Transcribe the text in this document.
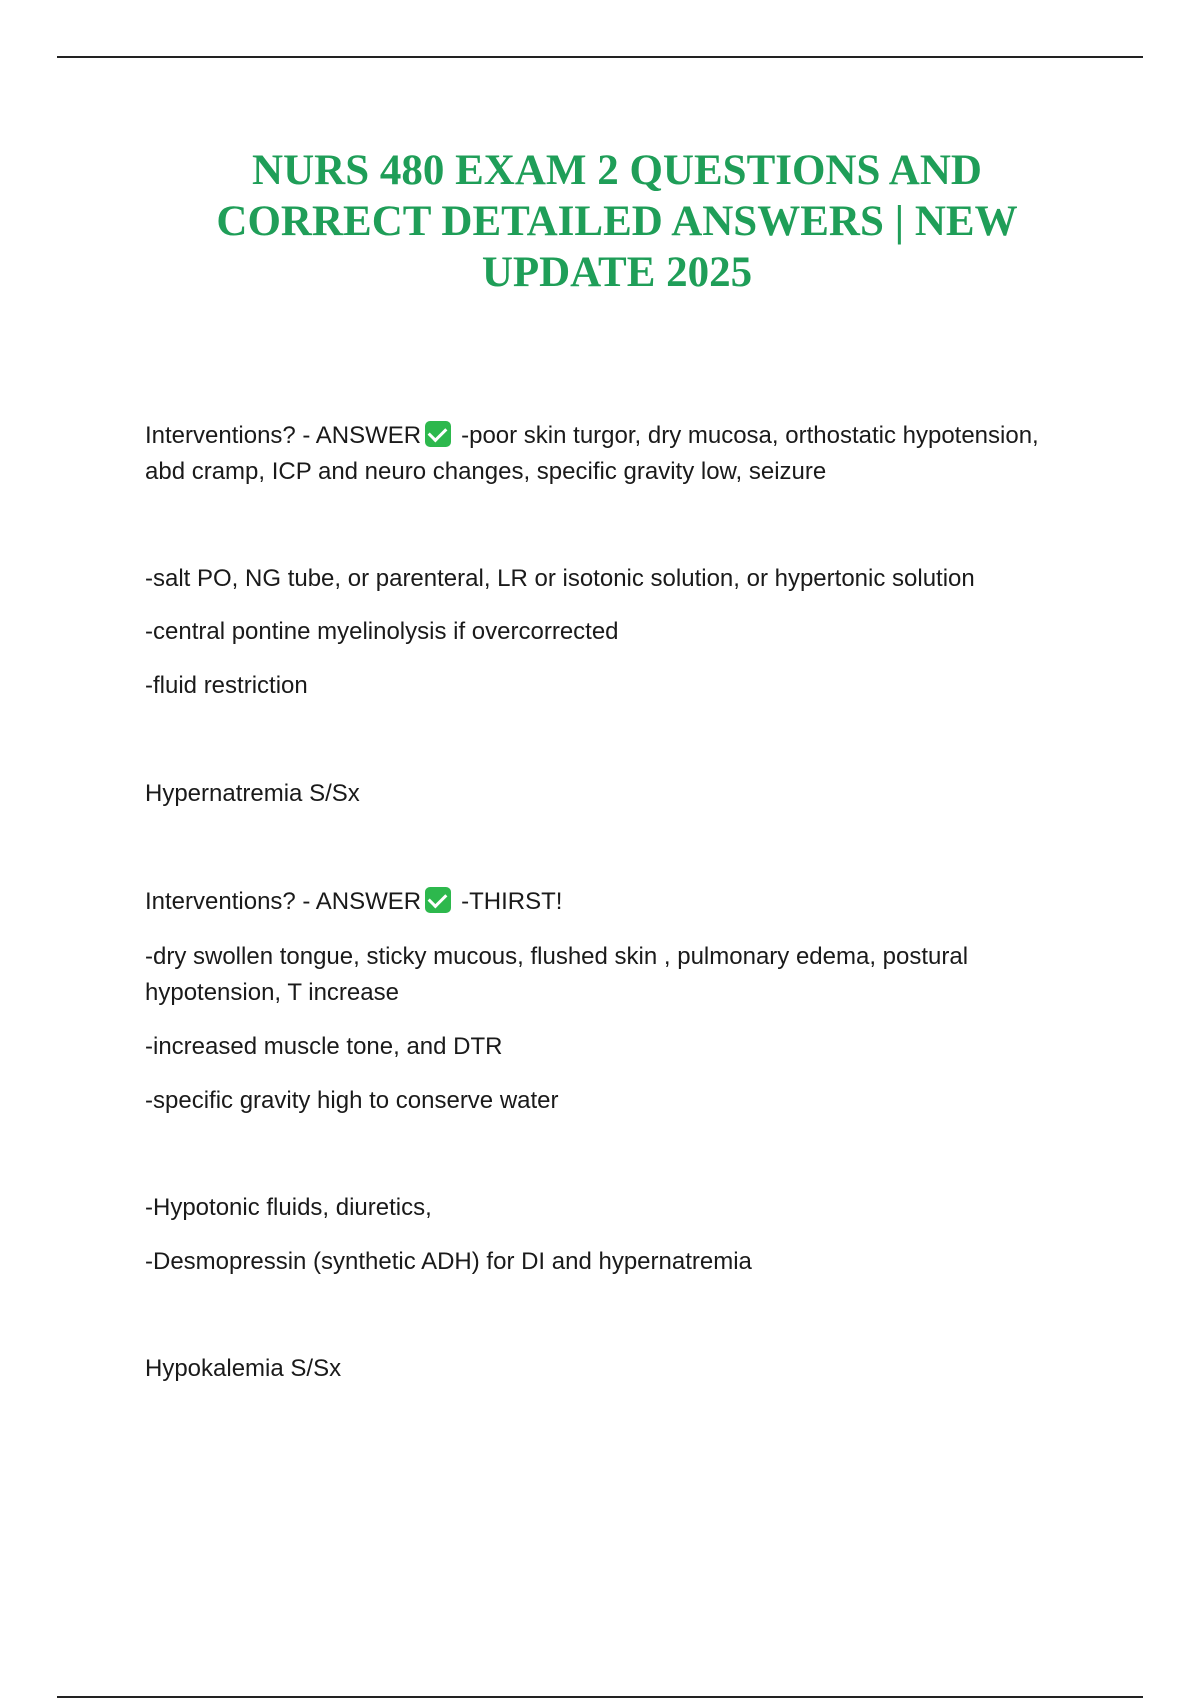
NURS 480 EXAM 2 QUESTIONS AND CORRECT DETAILED ANSWERS | NEW UPDATE 2025

Interventions? - ANSWER -poor skin turgor, dry mucosa, orthostatic hypotension, abd cramp, ICP and neuro changes, specific gravity low, seizure

-salt PO, NG tube, or parenteral, LR or isotonic solution, or hypertonic solution

-central pontine myelinolysis if overcorrected

-fluid restriction

Hypernatremia S/Sx

Interventions? - ANSWER -THIRST!

-dry swollen tongue, sticky mucous, flushed skin , pulmonary edema, postural hypotension, T increase

-increased muscle tone, and DTR

-specific gravity high to conserve water

-Hypotonic fluids, diuretics,

-Desmopressin (synthetic ADH) for DI and hypernatremia

Hypokalemia S/Sx
